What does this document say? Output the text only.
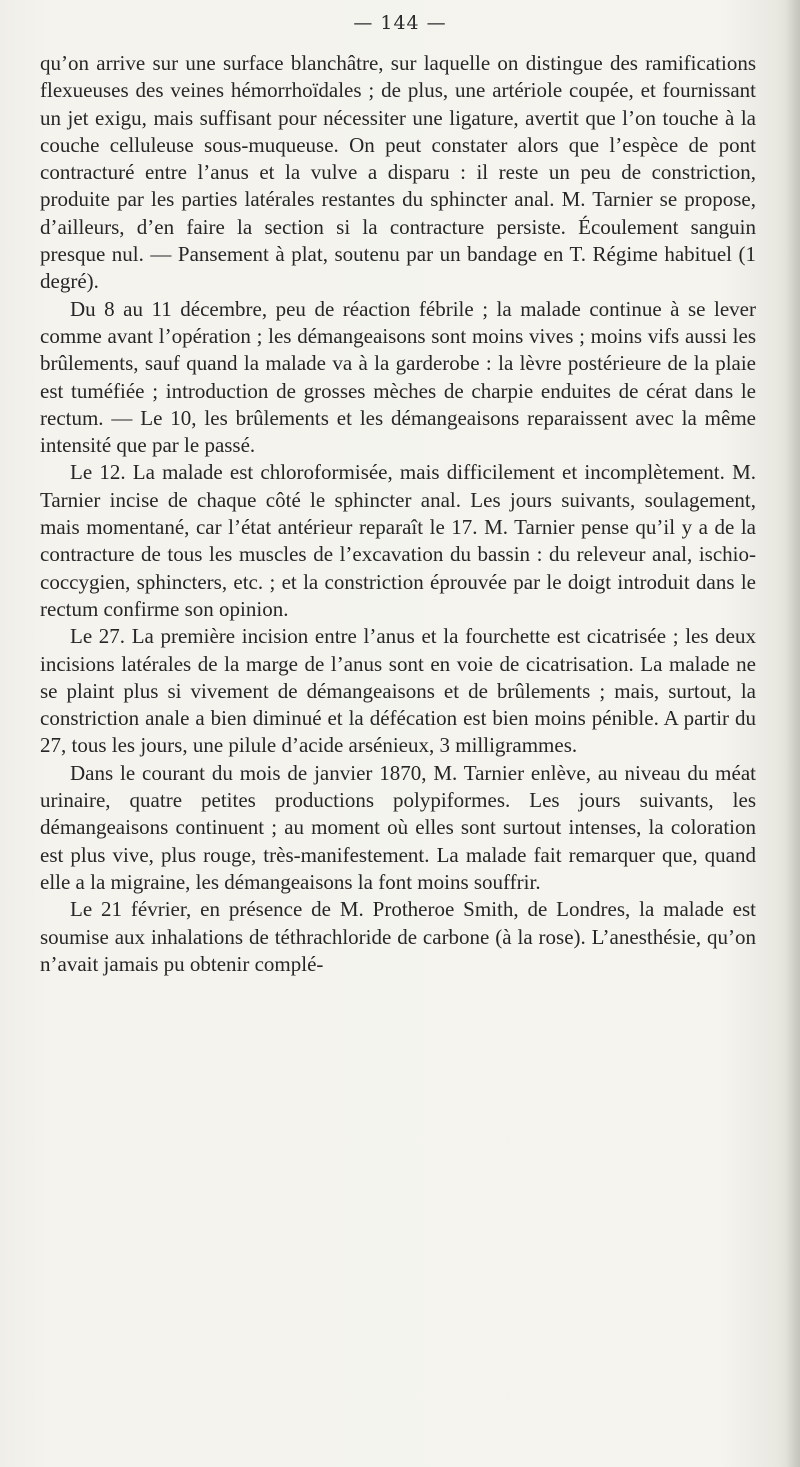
— 144 —

qu’on arrive sur une surface blanchâtre, sur laquelle on distingue des ramifications flexueuses des veines hémorrhoïdales ; de plus, une artériole coupée, et fournissant un jet exigu, mais suffisant pour nécessiter une ligature, avertit que l’on touche à la couche celluleuse sous-muqueuse. On peut constater alors que l’espèce de pont contracturé entre l’anus et la vulve a disparu : il reste un peu de constriction, produite par les parties latérales restantes du sphincter anal. M. Tarnier se propose, d’ailleurs, d’en faire la section si la contracture persiste. Écoulement sanguin presque nul. — Pansement à plat, soutenu par un bandage en T. Régime habituel (1 degré).

Du 8 au 11 décembre, peu de réaction fébrile ; la malade continue à se lever comme avant l’opération ; les démangeaisons sont moins vives ; moins vifs aussi les brûlements, sauf quand la malade va à la garderobe : la lèvre postérieure de la plaie est tuméfiée ; introduction de grosses mèches de charpie enduites de cérat dans le rectum. — Le 10, les brûlements et les démangeaisons reparaissent avec la même intensité que par le passé.

Le 12. La malade est chloroformisée, mais difficilement et incomplètement. M. Tarnier incise de chaque côté le sphincter anal. Les jours suivants, soulagement, mais momentané, car l’état antérieur reparaît le 17. M. Tarnier pense qu’il y a de la contracture de tous les muscles de l’excavation du bassin : du releveur anal, ischio-coccygien, sphincters, etc. ; et la constriction éprouvée par le doigt introduit dans le rectum confirme son opinion.

Le 27. La première incision entre l’anus et la fourchette est cicatrisée ; les deux incisions latérales de la marge de l’anus sont en voie de cicatrisation. La malade ne se plaint plus si vivement de démangeaisons et de brûlements ; mais, surtout, la constriction anale a bien diminué et la défécation est bien moins pénible. A partir du 27, tous les jours, une pilule d’acide arsénieux, 3 milligrammes.

Dans le courant du mois de janvier 1870, M. Tarnier enlève, au niveau du méat urinaire, quatre petites productions polypiformes. Les jours suivants, les démangeaisons continuent ; au moment où elles sont surtout intenses, la coloration est plus vive, plus rouge, très-manifestement. La malade fait remarquer que, quand elle a la migraine, les démangeaisons la font moins souffrir.

Le 21 février, en présence de M. Protheroe Smith, de Londres, la malade est soumise aux inhalations de téthrachloride de carbone (à la rose). L’anesthésie, qu’on n’avait jamais pu obtenir complé-
